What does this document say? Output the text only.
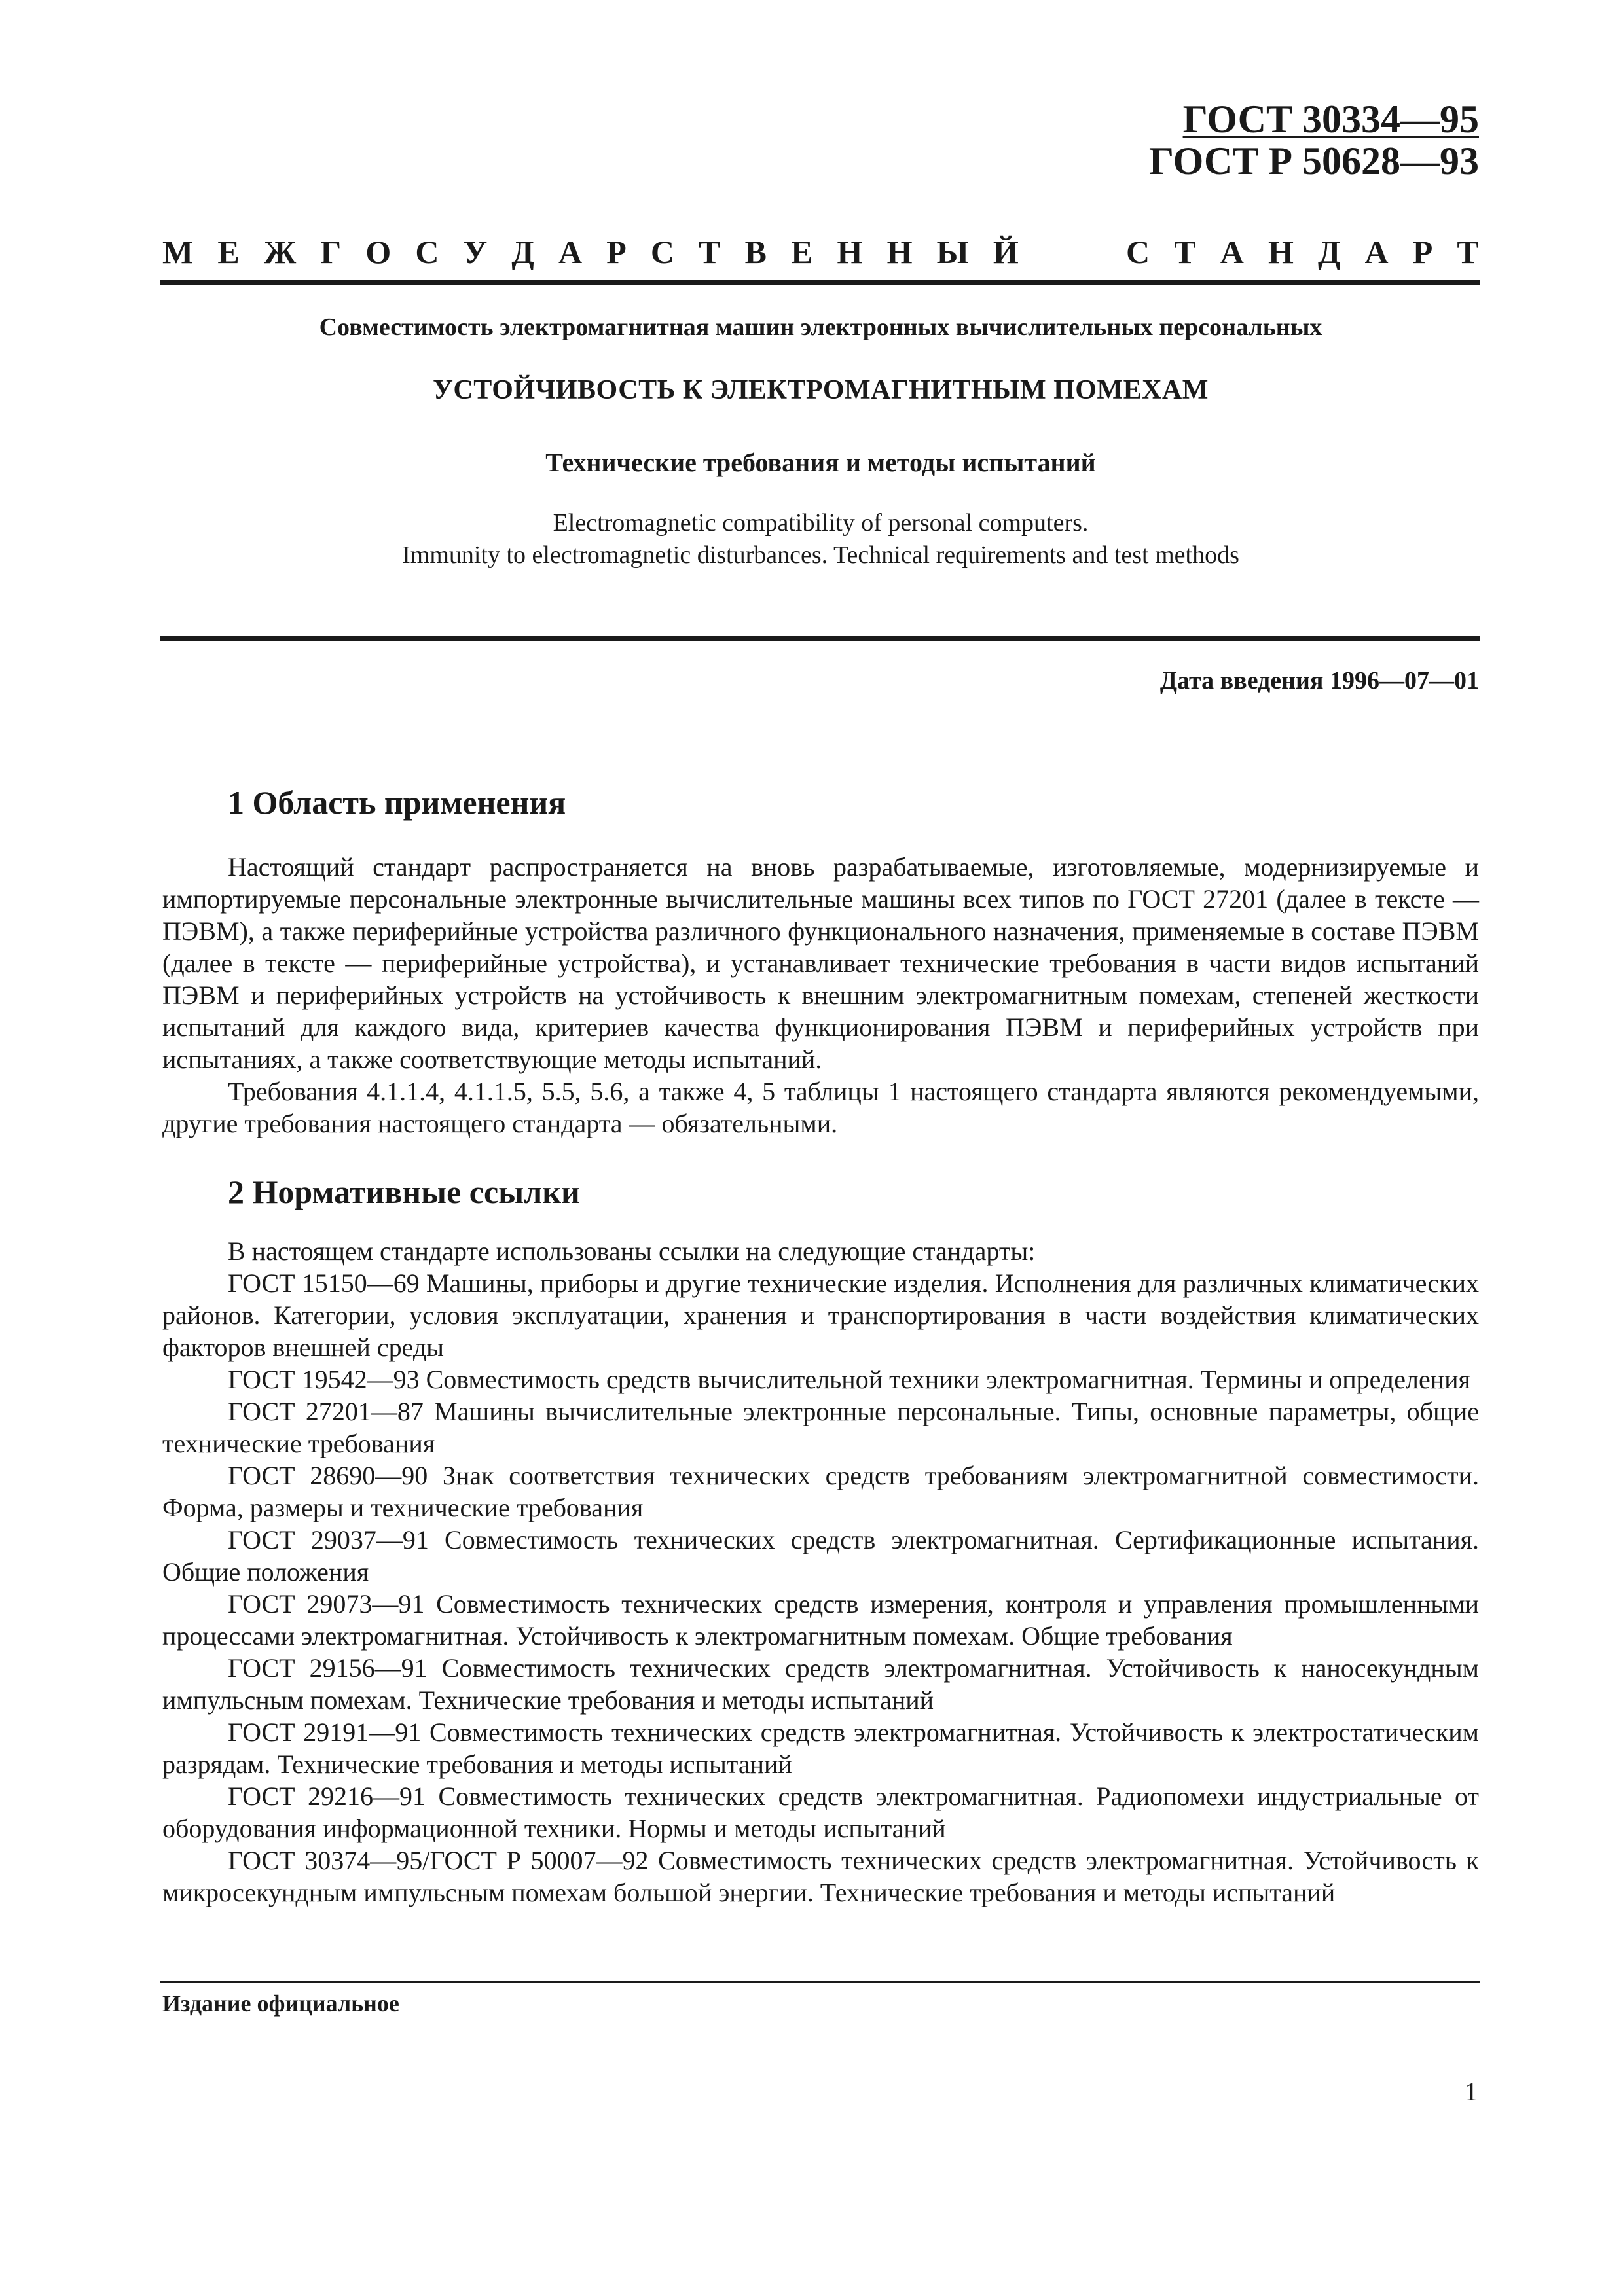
ГОСТ 30334—95
ГОСТ Р 50628—93
М Е Ж Г О С У Д А Р С Т В Е Н Н Ы Й	С Т А Н Д А Р Т
Совместимость электромагнитная машин электронных вычислительных персональных
УСТОЙЧИВОСТЬ К ЭЛЕКТРОМАГНИТНЫМ ПОМЕХАМ
Технические требования и методы испытаний
Electromagnetic compatibility of personal computers.
Immunity to electromagnetic disturbances. Technical requirements and test methods
Дата введения 1996—07—01
1 Область применения

Настоящий стандарт распространяется на вновь разрабатываемые, изготовляемые, модернизируемые и импортируемые персональные электронные вычислительные машины всех типов по ГОСТ 27201 (далее в тексте — ПЭВМ), а также периферийные устройства различного функционального назначения, применяемые в составе ПЭВМ (далее в тексте — периферийные устройства), и устанавливает технические требования в части видов испытаний ПЭВМ и периферийных устройств на устойчивость к внешним электромагнитным помехам, степеней жесткости испытаний для каждого вида, критериев качества функционирования ПЭВМ и периферийных устройств при испытаниях, а также соответствующие методы испытаний.

Требования 4.1.1.4, 4.1.1.5, 5.5, 5.6, а также 4, 5 таблицы 1 настоящего стандарта являются рекомендуемыми, другие требования настоящего стандарта — обязательными.

2 Нормативные ссылки

В настоящем стандарте использованы ссылки на следующие стандарты:

ГОСТ 15150—69 Машины, приборы и другие технические изделия. Исполнения для различных климатических районов. Категории, условия эксплуатации, хранения и транспортирования в части воздействия климатических факторов внешней среды

ГОСТ 19542—93 Совместимость средств вычислительной техники электромагнитная. Термины и определения

ГОСТ 27201—87 Машины вычислительные электронные персональные. Типы, основные параметры, общие технические требования

ГОСТ 28690—90 Знак соответствия технических средств требованиям электромагнитной совместимости. Форма, размеры и технические требования

ГОСТ 29037—91 Совместимость технических средств электромагнитная. Сертификационные испытания. Общие положения

ГОСТ 29073—91 Совместимость технических средств измерения, контроля и управления промышленными процессами электромагнитная. Устойчивость к электромагнитным помехам. Общие требования

ГОСТ 29156—91 Совместимость технических средств электромагнитная. Устойчивость к наносекундным импульсным помехам. Технические требования и методы испытаний

ГОСТ 29191—91 Совместимость технических средств электромагнитная. Устойчивость к электростатическим разрядам. Технические требования и методы испытаний

ГОСТ 29216—91 Совместимость технических средств электромагнитная. Радиопомехи индустриальные от оборудования информационной техники. Нормы и методы испытаний

ГОСТ 30374—95/ГОСТ Р 50007—92 Совместимость технических средств электромагнитная. Устойчивость к микросекундным импульсным помехам большой энергии. Технические требования и методы испытаний

Издание официальное
1
